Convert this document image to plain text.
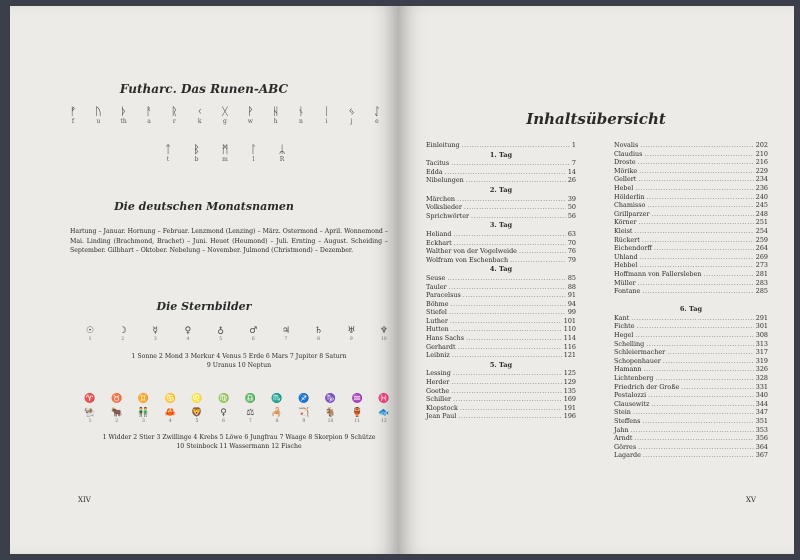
Futharc. Das Runen-ABC
ᚠ
f
ᚢ
u
ᚦ
th
ᚨ
a
ᚱ
r
ᚲ
k
ᚷ
g
ᚹ
w
ᚺ
h
ᚾ
n
ᛁ
i
ᛃ
j
ᛇ
e
ᛏ
t
ᛒ
b
ᛗ
m
ᛚ
l
ᛦ
R
Die deutschen Monatsnamen
Hartung – Januar. Hornung – Februar. Lenzmond (Lenzing) – März. Ostermond – April. Wonnemond – Mai. Linding (Brachmond, Brachet) – Juni. Heuet (Heumond) – Juli. Ernting – August. Scheiding – September. Gilbhart – Oktober. Nebelung – November. Julmond (Christmond) – Dezember.
Die Sternbilder
☉
1
☽
2
☿
3
♀
4
♁
5
♂
6
♃
7
♄
8
♅
9
♆
10
1 Sonne 2 Mond 3 Merkur 4 Venus 5 Erde 6 Mars 7 Jupiter 8 Saturn
9 Uranus 10 Neptun
♈ ♉ ♊ ♋ ♌ ♍ ♎ ♏ ♐ ♑ ♒ ♓
🐏
1
🐂
2
👬
3
🦀
4
🦁
5
♀
6
⚖
7
🦂
8
🏹
9
🐐
10
🏺
11
🐟
12
1 Widder 2 Stier 3 Zwillinge 4 Krebs 5 Löwe 6 Jungfrau 7 Waage 8 Skorpion 9 Schütze
10 Steinbock 11 Wassermann 12 Fische
XIV
Inhaltsübersicht
Einleitung .....	1
1. Tag
Tacitus .....	7
Edda .....	14
Nibelungen .....	26
2. Tag
Märchen .....	39
Volkslieder .....	50
Sprichwörter .....	56
3. Tag
Heliand .....	63
Eckhart .....	70
Walther von der Vogelweide .....	76
Wolfram von Eschenbach .....	79
4. Tag
Seuse .....	85
Tauler .....	88
Paracelsus .....	91
Böhme .....	94
Stiefel .....	99
Luther .....	101
Hutten .....	110
Hans Sachs .....	114
Gerhardt .....	116
Leibniz .....	121
5. Tag
Lessing .....	125
Herder .....	129
Goethe .....	135
Schiller .....	169
Klopstock .....	191
Jean Paul .....	196
Novalis .....	202
Claudius .....	210
Droste .....	216
Mörike .....	229
Gellert .....	234
Hebel .....	236
Hölderlin .....	240
Chamisso .....	245
Grillparzer .....	248
Körner .....	251
Kleist .....	254
Rückert .....	259
Eichendorff .....	264
Uhland .....	269
Hebbel .....	273
Hoffmann von Fallersleben .....	281
Müller .....	283
Fontane .....	285
6. Tag
Kant .....	291
Fichte .....	301
Hegel .....	308
Schelling .....	313
Schleiermacher .....	317
Schopenhauer .....	319
Hamann .....	326
Lichtenberg .....	328
Friedrich der Große .....	331
Pestalozzi .....	340
Clausewitz .....	344
Stein .....	347
Steffens .....	351
Jahn .....	353
Arndt .....	356
Görres .....	364
Lagarde .....	367
XV
